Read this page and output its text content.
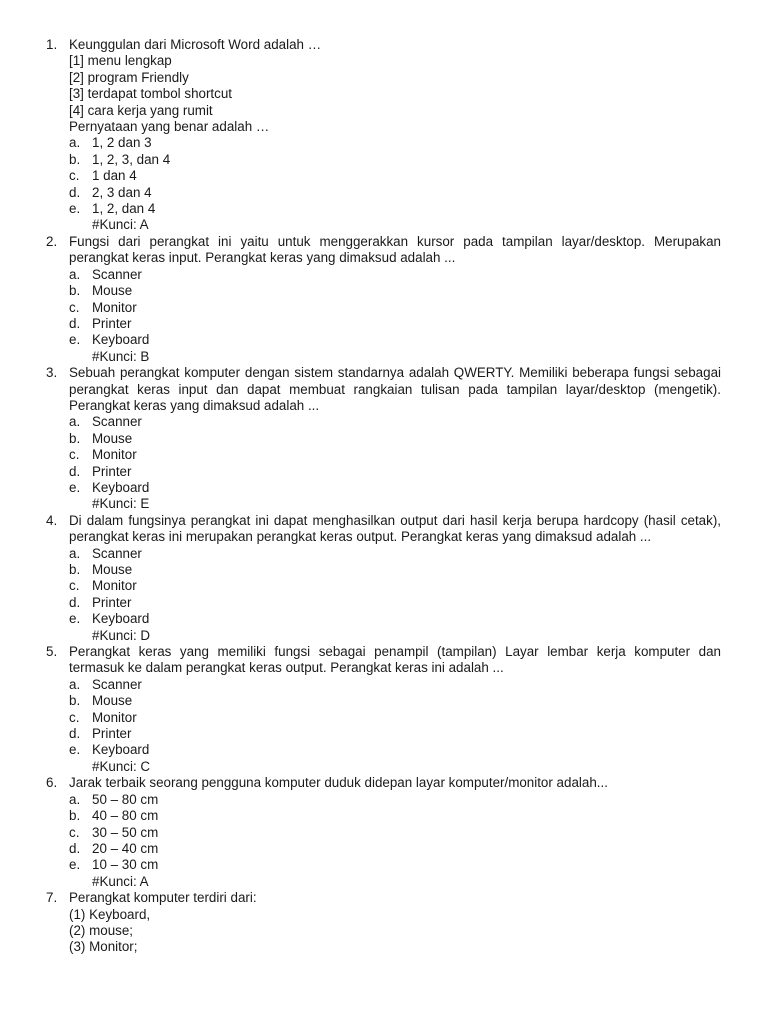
1. Keunggulan dari Microsoft Word adalah …
[1] menu lengkap
[2] program Friendly
[3] terdapat tombol shortcut
[4] cara kerja yang rumit
Pernyataan yang benar adalah …
a. 1, 2 dan 3
b. 1, 2, 3, dan 4
c. 1 dan 4
d. 2, 3 dan 4
e. 1, 2, dan 4
#Kunci: A
2. Fungsi dari perangkat ini yaitu untuk menggerakkan kursor pada tampilan layar/desktop. Merupakan perangkat keras input. Perangkat keras yang dimaksud adalah ...
a. Scanner
b. Mouse
c. Monitor
d. Printer
e. Keyboard
#Kunci: B
3. Sebuah perangkat komputer dengan sistem standarnya adalah QWERTY. Memiliki beberapa fungsi sebagai perangkat keras input dan dapat membuat rangkaian tulisan pada tampilan layar/desktop (mengetik). Perangkat keras yang dimaksud adalah ...
a. Scanner
b. Mouse
c. Monitor
d. Printer
e. Keyboard
#Kunci: E
4. Di dalam fungsinya perangkat ini dapat menghasilkan output dari hasil kerja berupa hardcopy (hasil cetak), perangkat keras ini merupakan perangkat keras output. Perangkat keras yang dimaksud adalah ...
a. Scanner
b. Mouse
c. Monitor
d. Printer
e. Keyboard
#Kunci: D
5. Perangkat keras yang memiliki fungsi sebagai penampil (tampilan) Layar lembar kerja komputer dan termasuk ke dalam perangkat keras output. Perangkat keras ini adalah ...
a. Scanner
b. Mouse
c. Monitor
d. Printer
e. Keyboard
#Kunci: C
6. Jarak terbaik seorang pengguna komputer duduk didepan layar komputer/monitor adalah...
a. 50 – 80 cm
b. 40 – 80 cm
c. 30 – 50 cm
d. 20 – 40 cm
e. 10 – 30 cm
#Kunci: A
7. Perangkat komputer terdiri dari:
(1) Keyboard,
(2) mouse;
(3) Monitor;
